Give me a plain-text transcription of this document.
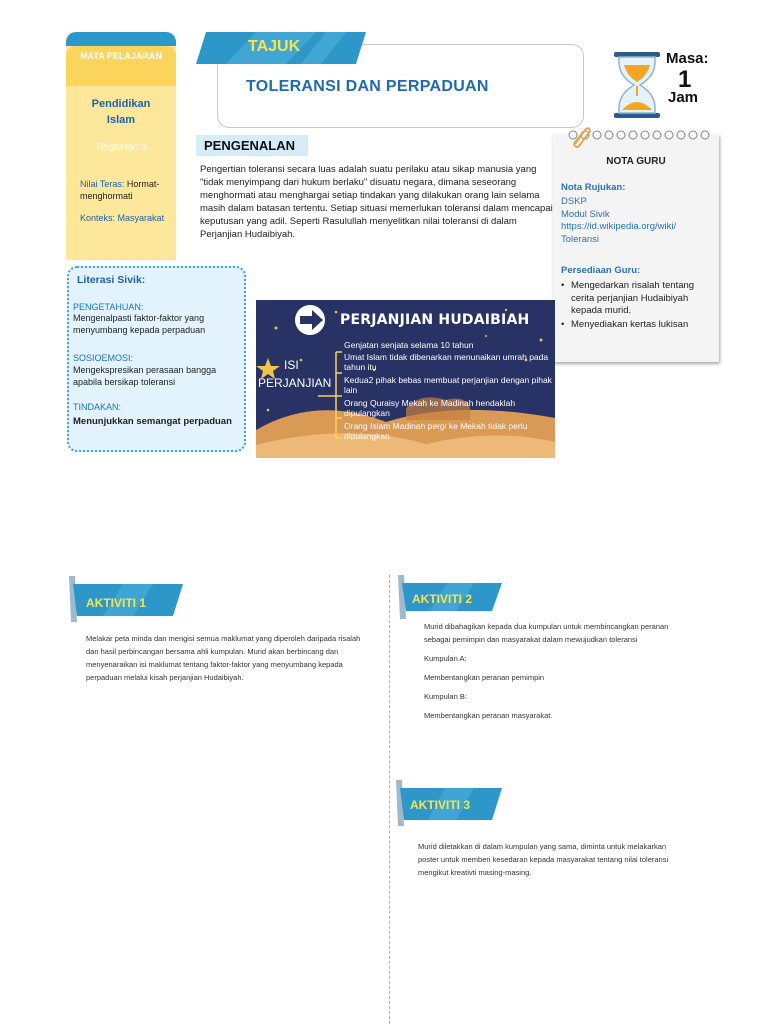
MATA PELAJARAN
Pendidikan Islam
Tingkatan 3
Nilai Teras: Hormat-menghormati
Konteks: Masyarakat
TAJUK
TOLERANSI DAN PERPADUAN
Masa:
1
Jam
PENGENALAN
Pengertian toleransi secara luas adalah suatu perilaku atau sikap manusia yang "tidak menyimpang dari hukum berlaku" disuatu negara, dimana seseorang menghormati atau menghargai setiap tindakan yang dilakukan orang lain selama masih dalam batasan tertentu. Setiap situasi memerlukan toleransi dalam mencapai keputusan yang adil. Seperti Rasulullah menyelitkan nilai toleransi di dalam Perjanjian Hudaibiyah.
NOTA GURU
Nota Rujukan:
DSKP
Modul Sivik
https://id.wikipedia.org/wiki/
Toleransi
Persediaan Guru:
• Mengedarkan risalah tentang cerita perjanjian Hudaibiyah kepada murid.
• Menyediakan kertas lukisan
Literasi Sivik:
PENGETAHUAN:
Mengenalpasti faktor-faktor yang menyumbang kepada perpaduan
SOSIOEMOSI:
Mengekspresikan perasaan bangga apabila bersikap toleransi
TINDAKAN:
Menunjukkan semangat perpaduan
PERJANJIAN HUDAIBIAH
ISI
PERJANJIAN
Genjatan senjata selama 10 tahun
Umat Islam tidak dibenarkan menunaikan umrah pada tahun itu
Kedua2 pihak bebas membuat perjanjian dengan pihak lain
Orang Quraisy Mekah ke Madinah hendaklah dipulangkan
Orang Islam Madinah pergi ke Mekah tidak perlu dipulangkan
AKTIVITI 1

Melakar peta minda dan mengisi semua maklumat yang diperoleh daripada risalah dan hasil perbincangan bersama ahli kumpulan. Murid akan berbincang dan menyenaraikan isi maklumat tentang faktor-faktor yang menyumbang kepada perpaduan melalui kisah perjanjian Hudaibiyah.

AKTIVITI 2

Murid dibahagikan kepada dua kumpulan untuk membincangkan peranan sebagai pemimpin dan masyarakat dalam mewujudkan toleransi

Kumpulan A:

Membentangkan peranan pemimpin

Kumpulan B:

Membentangkan peranan masyarakat.

AKTIVITI 3

Murid diletakkan di dalam kumpulan yang sama, diminta untuk melakarkan poster untuk memberi kesedaran kepada masyarakat tentang nilai toleransi mengikut kreativti masing-masing.
